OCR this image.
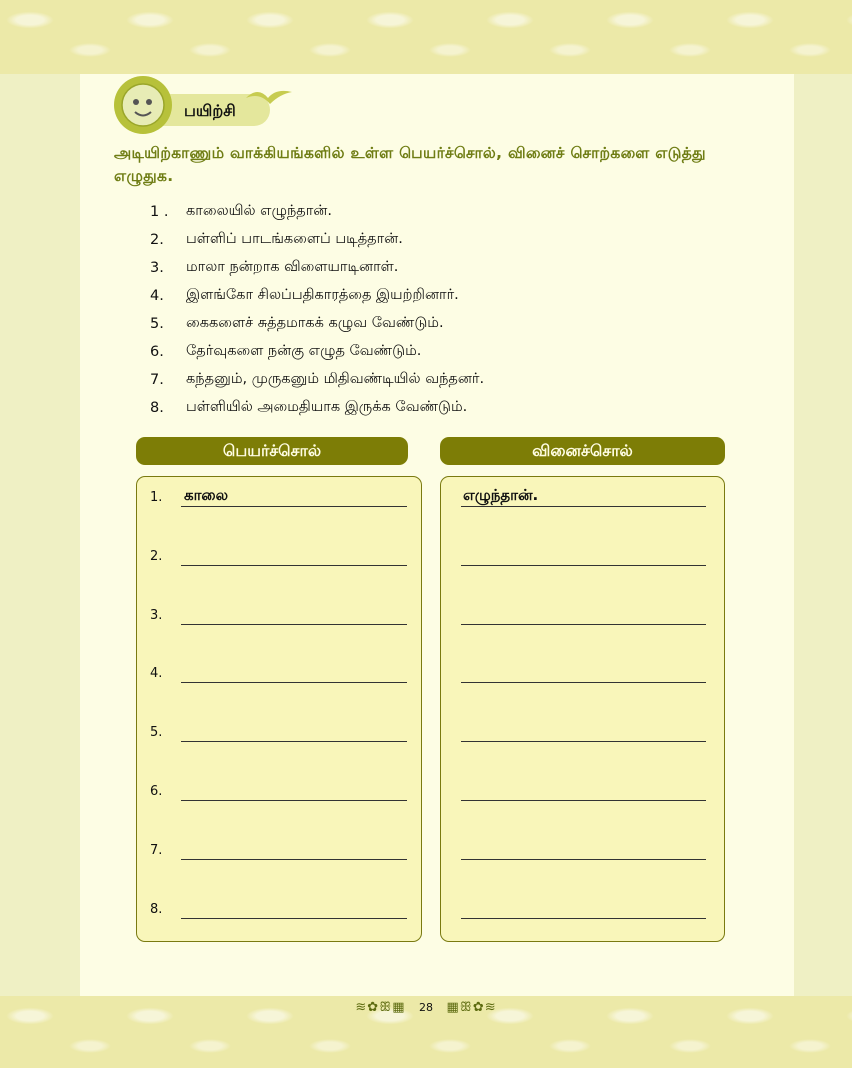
பயிற்சி
அடியிற்காணும் வாக்கியங்களில் உள்ள பெயர்ச்சொல், வினைச் சொற்களை எடுத்து எழுதுக.
1 .	காலையில் எழுந்தான்.
2.	பள்ளிப் பாடங்களைப் படித்தான்.
3.	மாலா நன்றாக விளையாடினாள்.
4.	இளங்கோ சிலப்பதிகாரத்தை இயற்றினார்.
5.	கைகளைச் சுத்தமாகக் கழுவ வேண்டும்.
6.	தேர்வுகளை நன்கு எழுத வேண்டும்.
7.	கந்தனும், முருகனும் மிதிவண்டியில் வந்தனர்.
8.	பள்ளியில் அமைதியாக இருக்க வேண்டும்.
பெயர்ச்சொல்	வினைச்சொல்
1. காலை	எழுந்தான்.
2.
3.
4.
5.
6.
7.
8.
≋✿ꕥ▦ 28 ▦ꕥ✿≋
